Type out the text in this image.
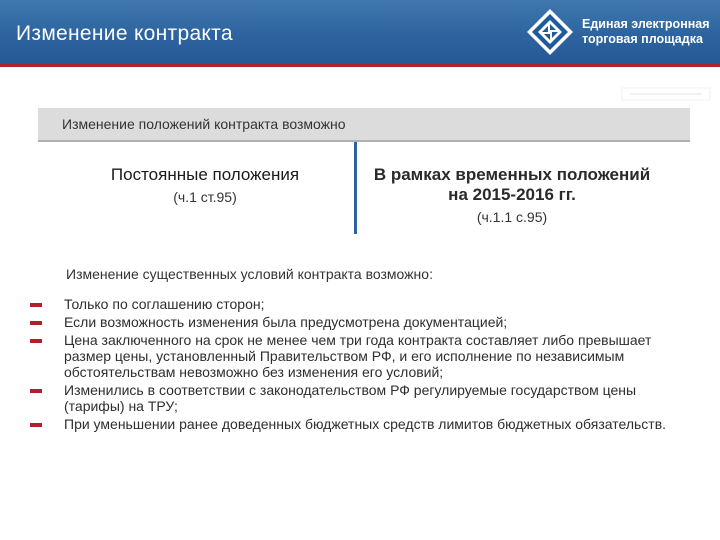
Изменение контракта	Единая электронная
торговая площадка
Изменение положений контракта возможно
Постоянные положения
(ч.1 ст.95)
В рамках временных положений на 2015-2016 гг.
(ч.1.1 с.95)
Изменение существенных условий контракта возможно:
Только по соглашению сторон;
Если возможность изменения была предусмотрена документацией;
Цена заключенного на срок не менее чем три года контракта составляет либо превышает размер цены, установленный Правительством РФ, и его исполнение по независимым обстоятельствам невозможно без изменения его условий;
Изменились в соответствии с законодательством РФ регулируемые государством цены (тарифы) на ТРУ;
При уменьшении ранее доведенных бюджетных средств лимитов бюджетных обязательств.
